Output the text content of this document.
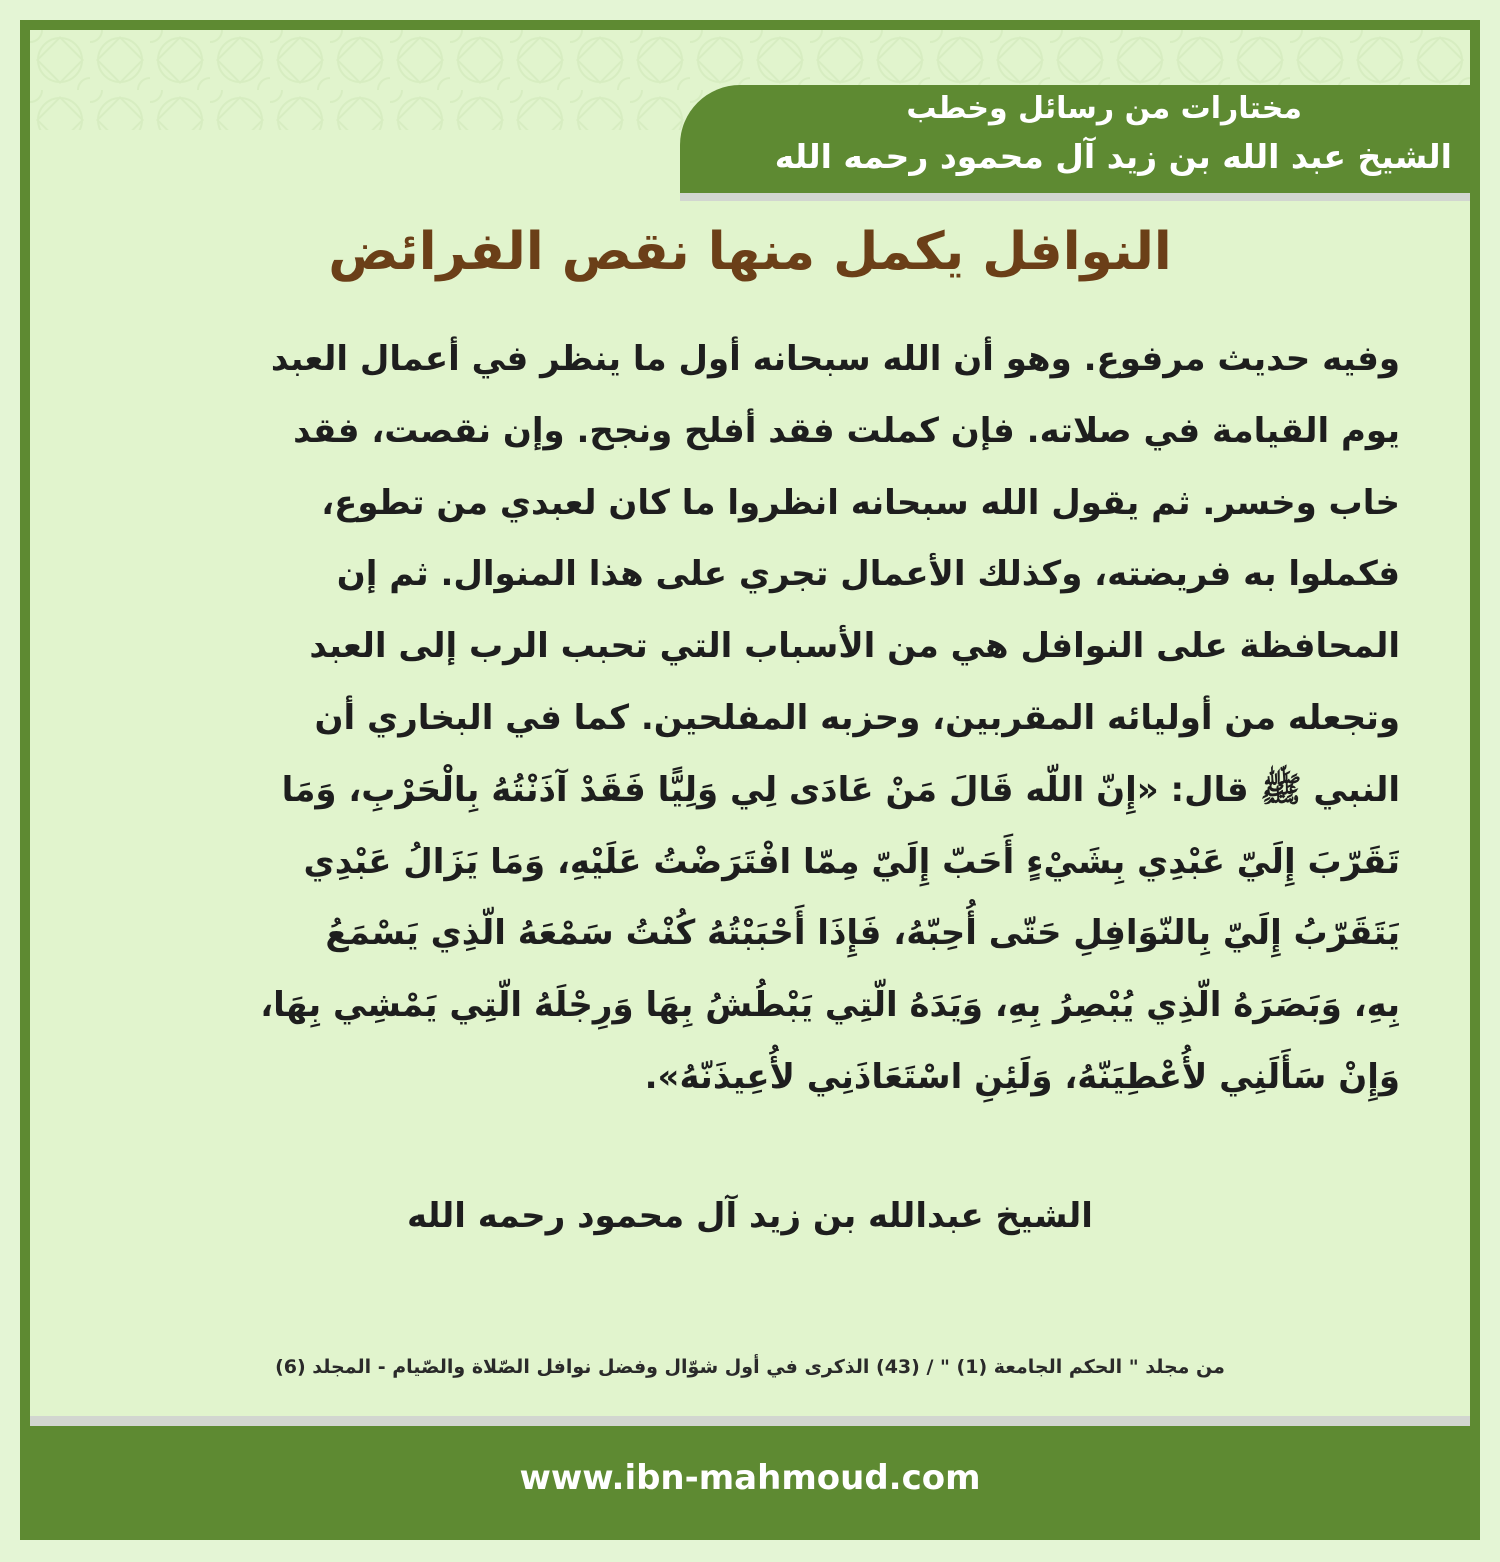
مختارات من رسائل وخطب
الشيخ عبد الله بن زيد آل محمود رحمه الله
النوافل يكمل منها نقص الفرائض
وفيه حديث مرفوع. وهو أن الله سبحانه أول ما ينظر في أعمال العبد
يوم القيامة في صلاته. فإن كملت فقد أفلح ونجح. وإن نقصت، فقد
خاب وخسر. ثم يقول الله سبحانه انظروا ما كان لعبدي من تطوع،
فكملوا به فريضته، وكذلك الأعمال تجري على هذا المنوال. ثم إن
المحافظة على النوافل هي من الأسباب التي تحبب الرب إلى العبد
وتجعله من أوليائه المقربين، وحزبه المفلحين. كما في البخاري أن
النبي ﷺ قال: «إِنّ اللّه قَالَ مَنْ عَادَى لِي وَلِيًّا فَقَدْ آذَنْتُهُ بِالْحَرْبِ، وَمَا
تَقَرّبَ إِلَيّ عَبْدِي بِشَيْءٍ أَحَبّ إِلَيّ مِمّا افْتَرَضْتُ عَلَيْهِ، وَمَا يَزَالُ عَبْدِي
يَتَقَرّبُ إِلَيّ بِالنّوَافِلِ حَتّى أُحِبّهُ، فَإِذَا أَحْبَبْتُهُ كُنْتُ سَمْعَهُ الّذِي يَسْمَعُ
بِهِ، وَبَصَرَهُ الّذِي يُبْصِرُ بِهِ، وَيَدَهُ الّتِي يَبْطُشُ بِهَا وَرِجْلَهُ الّتِي يَمْشِي بِهَا،
وَإِنْ سَأَلَنِي لأُعْطِيَنّهُ، وَلَئِنِ اسْتَعَاذَنِي لأُعِيذَنّهُ».
الشيخ عبدالله بن زيد آل محمود رحمه الله
من مجلد " الحكم الجامعة (1) " / (43) الذكرى في أول شوّال وفضل نوافل الصّلاة والصّيام - المجلد (6)
www.ibn-mahmoud.com
